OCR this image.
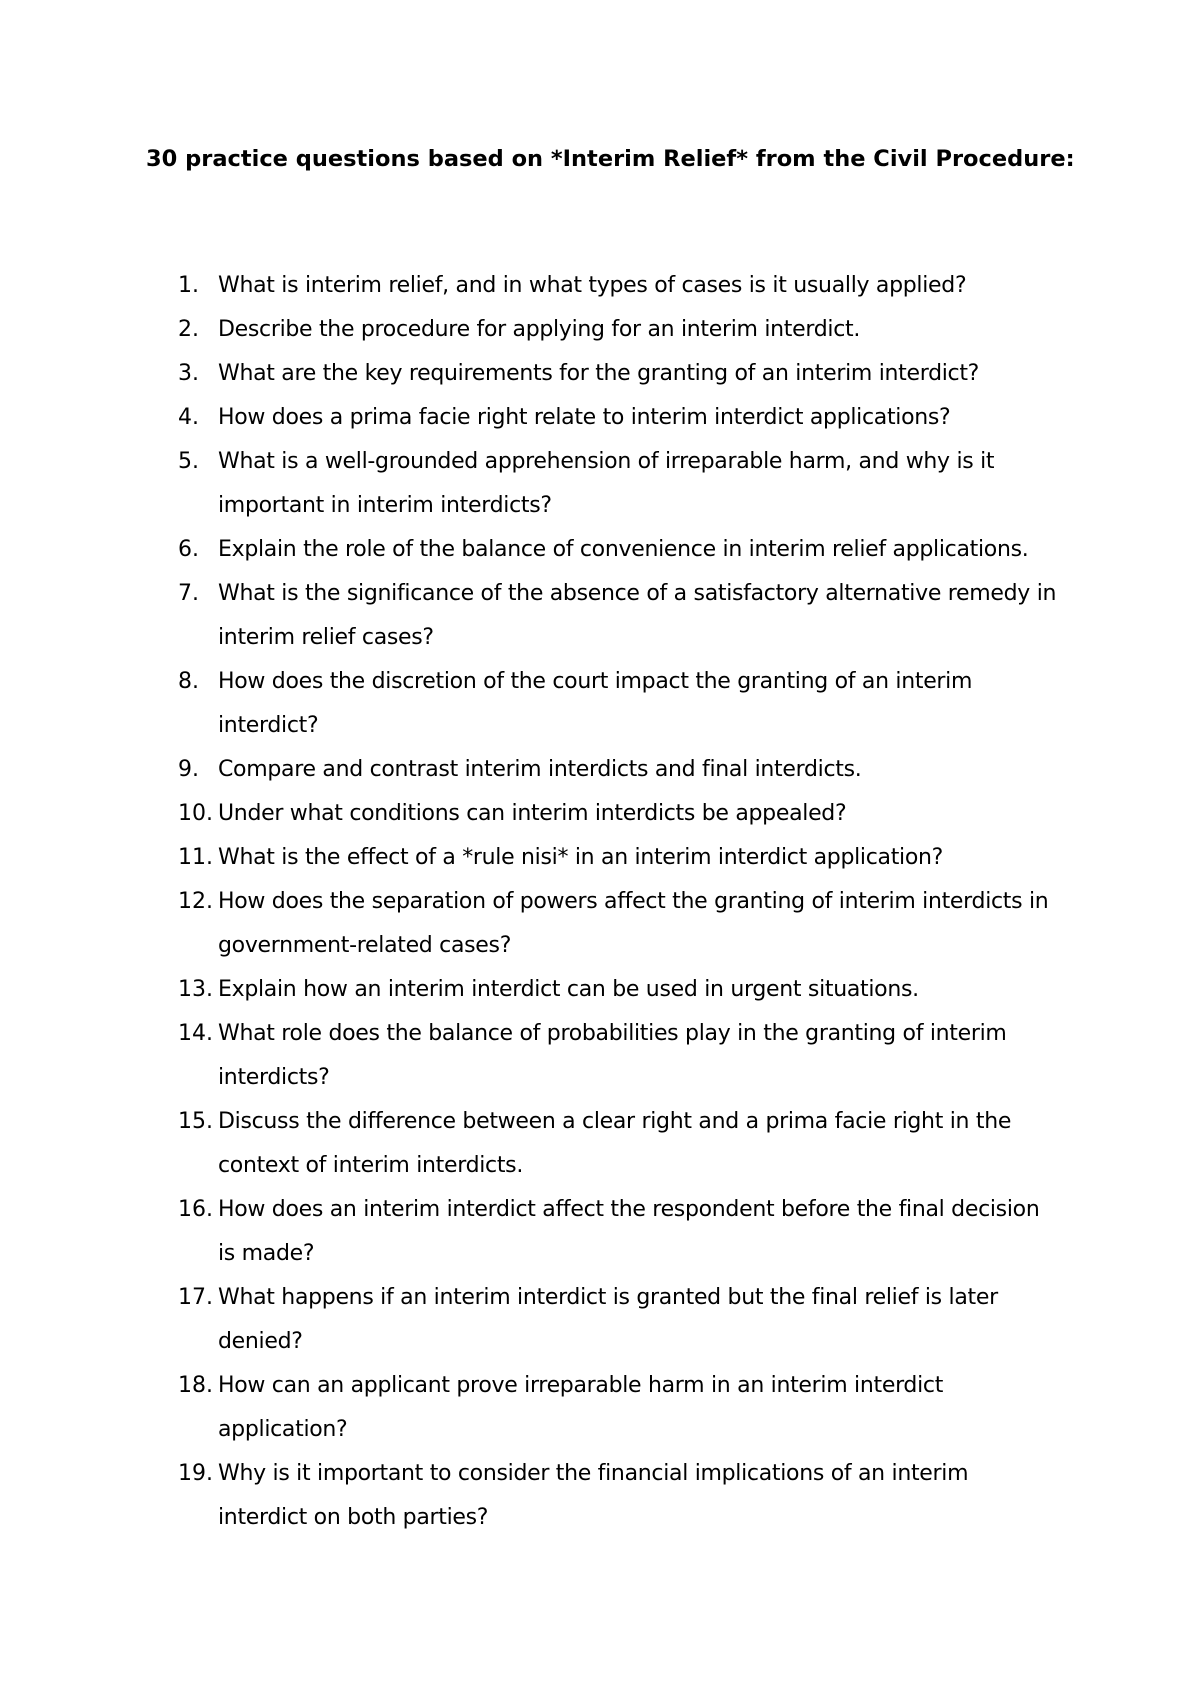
30 practice questions based on *Interim Relief* from the Civil Procedure:
1. What is interim relief, and in what types of cases is it usually applied?
2. Describe the procedure for applying for an interim interdict.
3. What are the key requirements for the granting of an interim interdict?
4. How does a prima facie right relate to interim interdict applications?
5. What is a well-grounded apprehension of irreparable harm, and why is it important in interim interdicts?
6. Explain the role of the balance of convenience in interim relief applications.
7. What is the significance of the absence of a satisfactory alternative remedy in interim relief cases?
8. How does the discretion of the court impact the granting of an interim interdict?
9. Compare and contrast interim interdicts and final interdicts.
10. Under what conditions can interim interdicts be appealed?
11. What is the effect of a *rule nisi* in an interim interdict application?
12. How does the separation of powers affect the granting of interim interdicts in government-related cases?
13. Explain how an interim interdict can be used in urgent situations.
14. What role does the balance of probabilities play in the granting of interim interdicts?
15. Discuss the difference between a clear right and a prima facie right in the context of interim interdicts.
16. How does an interim interdict affect the respondent before the final decision is made?
17. What happens if an interim interdict is granted but the final relief is later denied?
18. How can an applicant prove irreparable harm in an interim interdict application?
19. Why is it important to consider the financial implications of an interim interdict on both parties?
